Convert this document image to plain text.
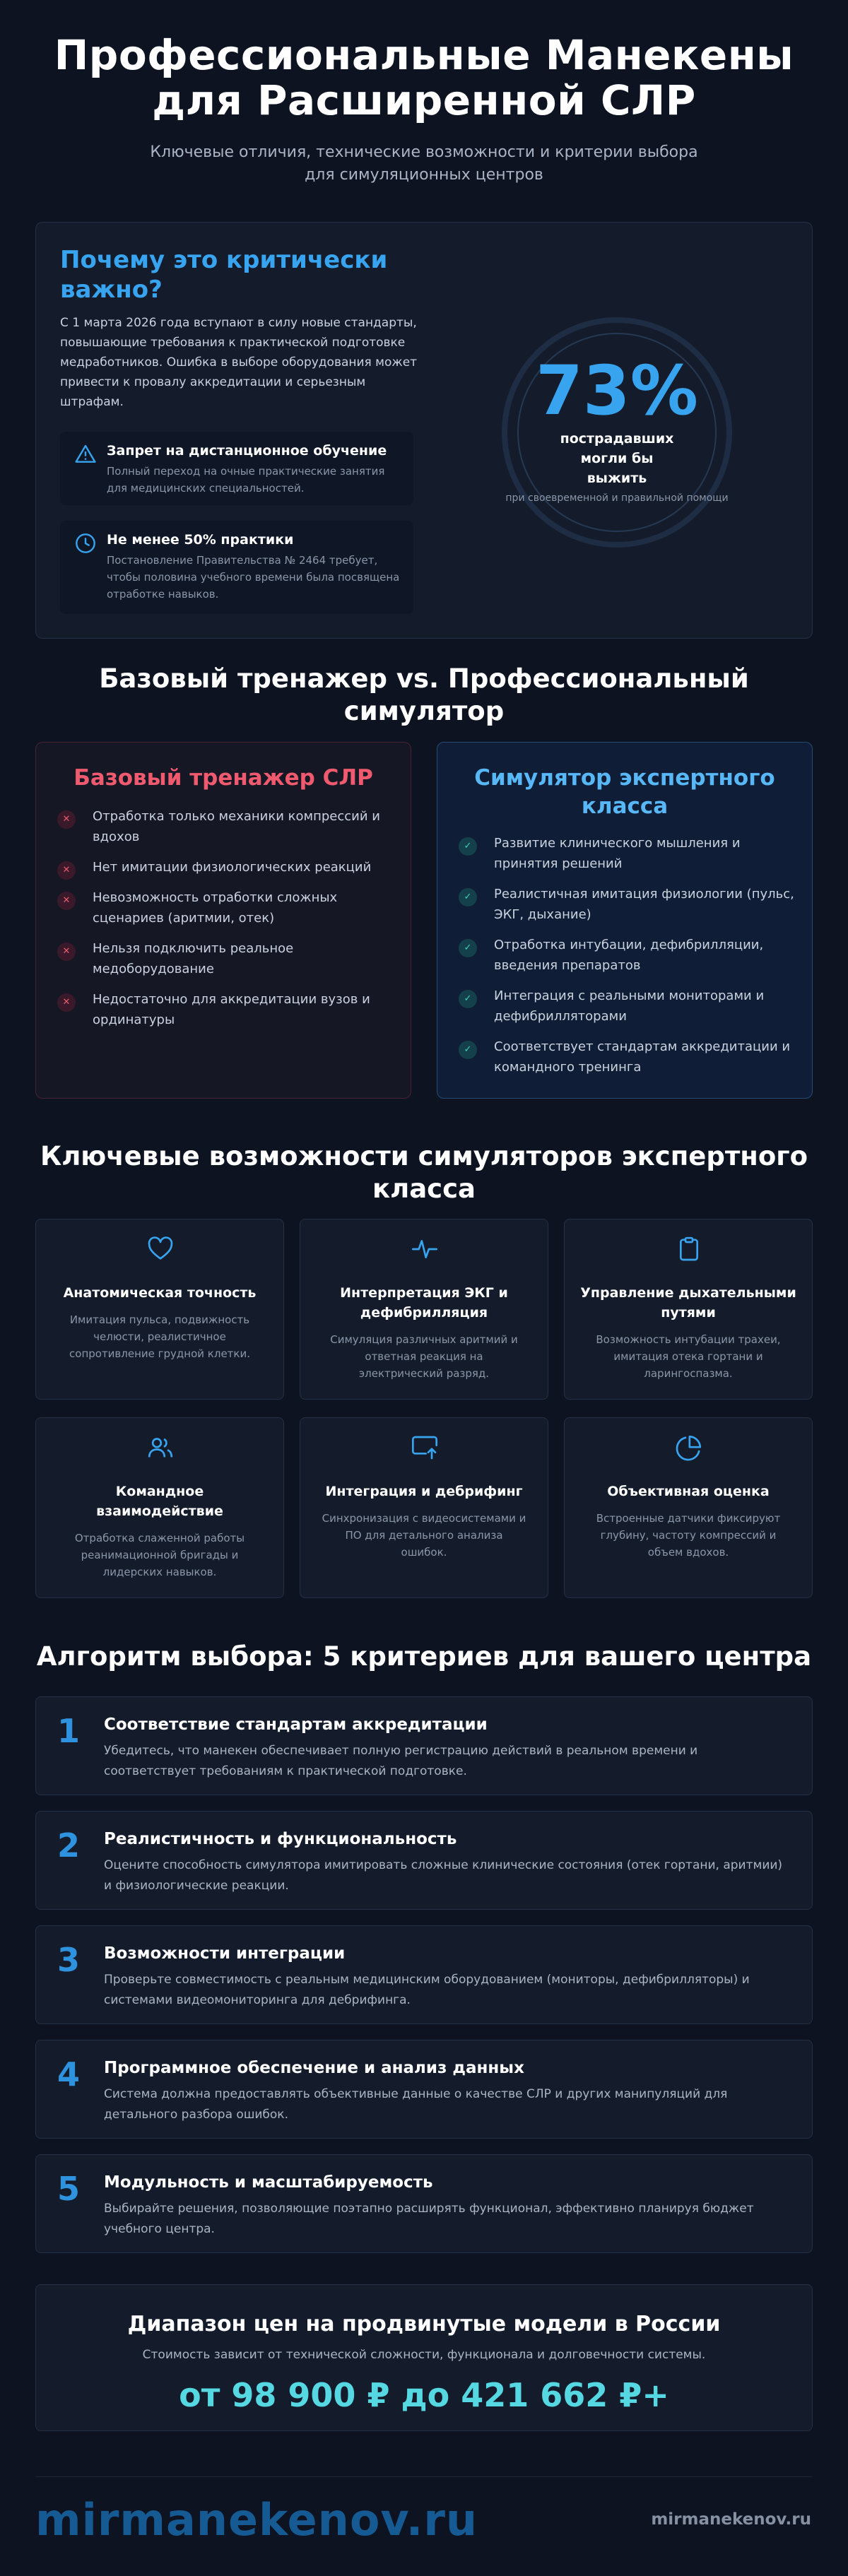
Профессиональные Манекены
для Расширенной СЛР

Ключевые отличия, технические возможности и критерии выбора
для симуляционных центров

Почему это критически важно?

С 1 марта 2026 года вступают в силу новые стандарты, повышающие требования к практической подготовке медработников. Ошибка в выборе оборудования может привести к провалу аккредитации и серьезным штрафам.

Запрет на дистанционное обучение
Полный переход на очные практические занятия для медицинских специальностей.
Не менее 50% практики
Постановление Правительства № 2464 требует, чтобы половина учебного времени была посвящена отработке навыков.
73%
пострадавших могли бы выжить
при своевременной и правильной помощи
Базовый тренажер vs. Профессиональный
симулятор
Базовый тренажер СЛР
✕	Отработка только механики компрессий и вдохов
✕	Нет имитации физиологических реакций
✕	Невозможность отработки сложных сценариев (аритмии, отек)
✕	Нельзя подключить реальное медоборудование
✕	Недостаточно для аккредитации вузов и ординатуры
Симулятор экспертного класса
✓	Развитие клинического мышления и принятия решений
✓	Реалистичная имитация физиологии (пульс, ЭКГ, дыхание)
✓	Отработка интубации, дефибрилляции, введения препаратов
✓	Интеграция с реальными мониторами и дефибрилляторами
✓	Соответствует стандартам аккредитации и командного тренинга
Ключевые возможности симуляторов экспертного
класса
Анатомическая точность
Имитация пульса, подвижность челюсти, реалистичное сопротивление грудной клетки.
Интерпретация ЭКГ и дефибрилляция
Симуляция различных аритмий и ответная реакция на электрический разряд.
Управление дыхательными путями
Возможность интубации трахеи, имитация отека гортани и ларингоспазма.
Командное взаимодействие
Отработка слаженной работы реанимационной бригады и лидерских навыков.
Интеграция и дебрифинг
Синхронизация с видеосистемами и ПО для детального анализа ошибок.
Объективная оценка
Встроенные датчики фиксируют глубину, частоту компрессий и объем вдохов.
Алгоритм выбора: 5 критериев для вашего центра
1 Соответствие стандартам аккредитации
Убедитесь, что манекен обеспечивает полную регистрацию действий в реальном времени и соответствует требованиям к практической подготовке.
2 Реалистичность и функциональность
Оцените способность симулятора имитировать сложные клинические состояния (отек гортани, аритмии) и физиологические реакции.
3 Возможности интеграции
Проверьте совместимость с реальным медицинским оборудованием (мониторы, дефибрилляторы) и системами видеомониторинга для дебрифинга.
4 Программное обеспечение и анализ данных
Система должна предоставлять объективные данные о качестве СЛР и других манипуляций для детального разбора ошибок.
5 Модульность и масштабируемость
Выбирайте решения, позволяющие поэтапно расширять функционал, эффективно планируя бюджет учебного центра.
Диапазон цен на продвинутые модели в России
Стоимость зависит от технической сложности, функционала и долговечности системы.
от 98 900 ₽ до 421 662 ₽+
mirmanekenov.ru	mirmanekenov.ru
